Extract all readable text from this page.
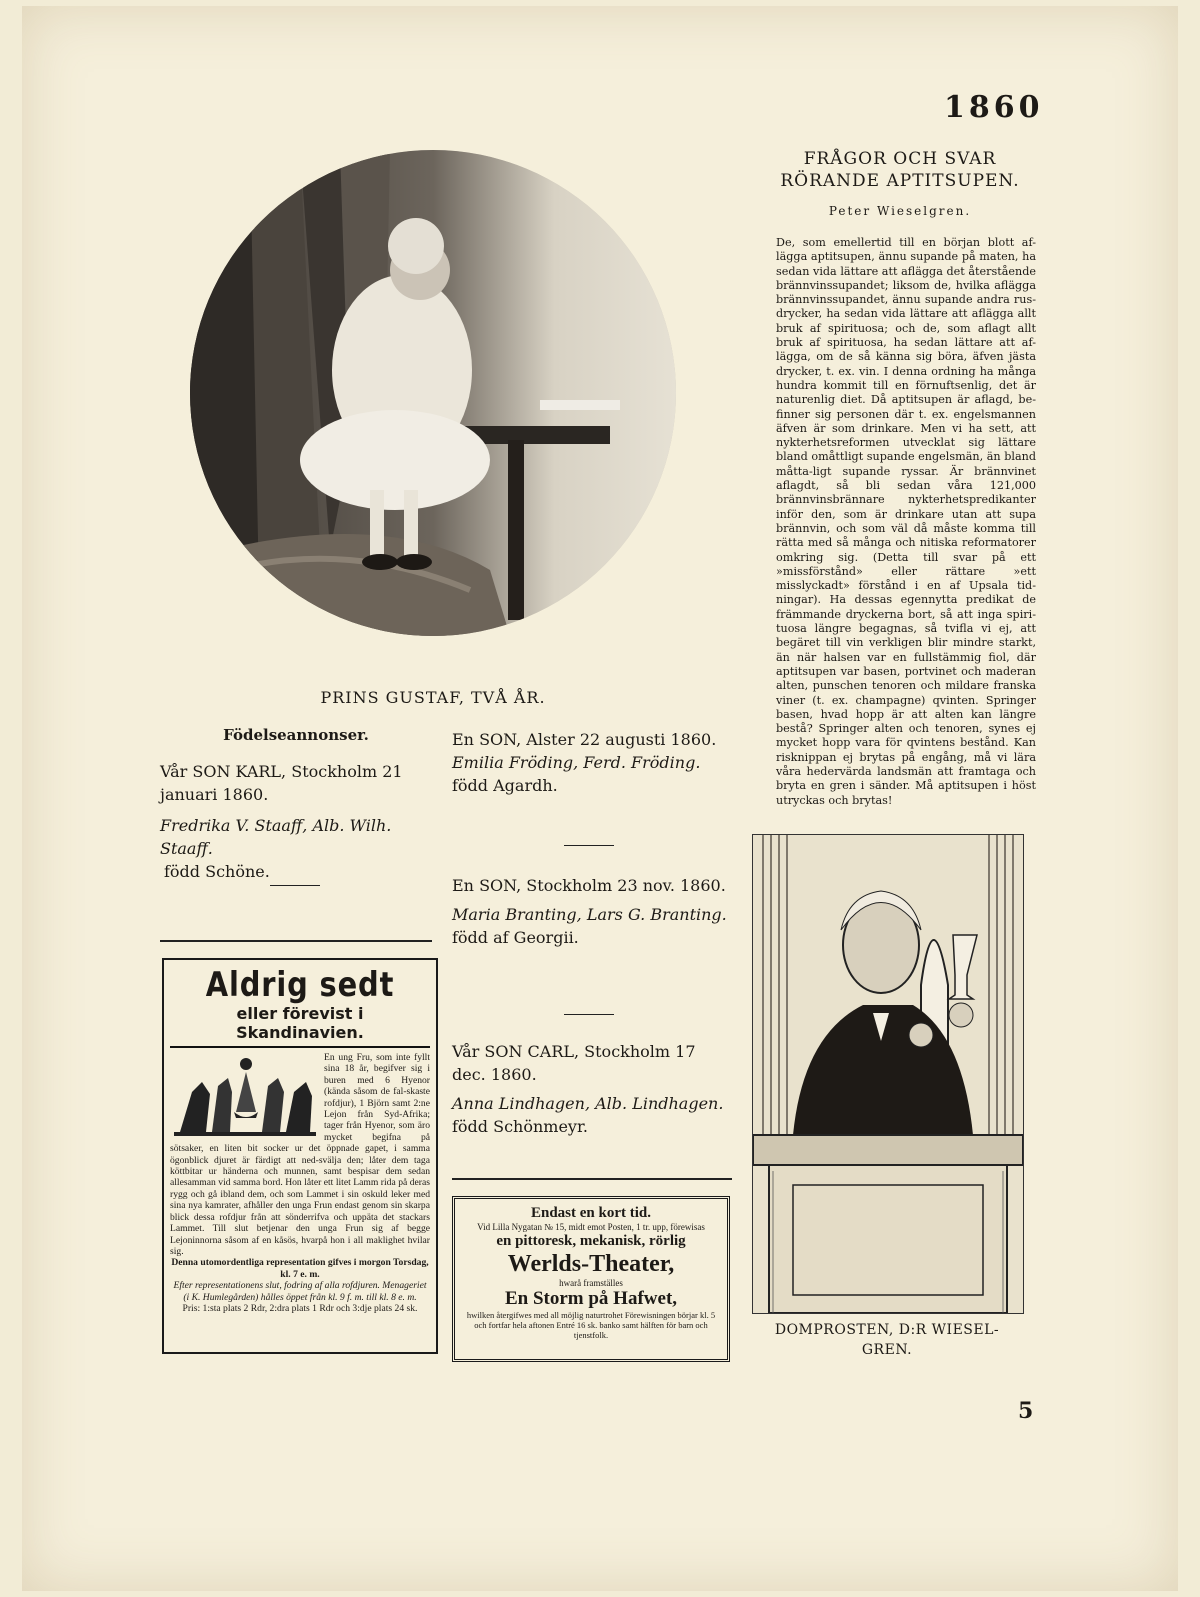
1860
FRÅGOR OCH SVAR
RÖRANDE APTITSUPEN.
Peter Wieselgren.

De, som emellertid till en början blott af-lägga aptitsupen, ännu supande på maten, ha sedan vida lättare att aflägga det återstående brännvinssupandet; liksom de, hvilka aflägga brännvinssupandet, ännu supande andra rus-drycker, ha sedan vida lättare att aflägga allt bruk af spirituosa; och de, som aflagt allt bruk af spirituosa, ha sedan lättare att af-lägga, om de så känna sig böra, äfven jästa drycker, t. ex. vin. I denna ordning ha många hundra kommit till en förnuftsenlig, det är naturenlig diet. Då aptitsupen är aflagd, be-finner sig personen där t. ex. engelsmannen äfven är som drinkare. Men vi ha sett, att nykterhetsreformen utvecklat sig lättare bland omåttligt supande engelsmän, än bland måtta-ligt supande ryssar. Är brännvinet aflagdt, så bli sedan våra 121,000 brännvinsbrännare nykterhetspredikanter inför den, som är drinkare utan att supa brännvin, och som väl då måste komma till rätta med så många och nitiska reformatorer omkring sig. (Detta till svar på ett »missförstånd» eller rättare »ett misslyckadt» förstånd i en af Upsala tid-ningar). Ha dessas egennytta predikat de främmande dryckerna bort, så att inga spiri-tuosa längre begagnas, så tvifla vi ej, att begäret till vin verkligen blir mindre starkt, än när halsen var en fullstämmig fiol, där aptitsupen var basen, portvinet och maderan alten, punschen tenoren och mildare franska viner (t. ex. champagne) qvinten. Springer basen, hvad hopp är att alten kan längre bestå? Springer alten och tenoren, synes ej mycket hopp vara för qvintens bestånd. Kan risknippan ej brytas på engång, må vi lära våra hedervärda landsmän att framtaga och bryta en gren i sänder. Må aptitsupen i höst utryckas och brytas!

PRINS GUSTAF, TVÅ ÅR.
Födelseannonser.
Vår SON KARL, Stockholm 21 januari 1860.
Fredrika V. Staaff, Alb. Wilh. Staaff.
född Schöne.
En SON, Alster 22 augusti 1860.
Emilia Fröding, Ferd. Fröding.
född Agardh.
En SON, Stockholm 23 nov. 1860.
Maria Branting, Lars G. Branting.
född af Georgii.
Vår SON CARL, Stockholm 17 dec. 1860.
Anna Lindhagen, Alb. Lindhagen.
född Schönmeyr.
Aldrig sedt
eller förevist i Skandinavien.
En ung Fru, som inte fyllt sina 18 år, begifver sig i buren med 6 Hyenor (kända såsom de fal-skaste rofdjur), 1 Björn samt 2:ne Lejon från Syd-Afrika; tager från Hyenor, som äro mycket begifna på sötsaker, en liten bit socker ur det öppnade gapet, i samma ögonblick djuret är färdigt att ned-svälja den; låter dem taga köttbitar ur händerna och munnen, samt bespisar dem sedan allesamman vid samma bord. Hon låter ett litet Lamm rida på deras rygg och gå ibland dem, och som Lammet i sin oskuld leker med sina nya kamrater, afhåller den unga Frun endast genom sin skarpa blick dessa rofdjur från att sönderrifva och uppäta det stackars Lammet. Till slut betjenar den unga Frun sig af begge Lejoninnorna såsom af en kåsös, hvarpå hon i all maklighet hvilar sig.
Denna utomordentliga representation gifves i morgon Torsdag, kl. 7 e. m.
Efter representationens slut, fodring af alla rofdjuren. Menageriet (i K. Humlegården) hålles öppet från kl. 9 f. m. till kl. 8 e. m.
Pris: 1:sta plats 2 Rdr, 2:dra plats 1 Rdr och 3:dje plats 24 sk.
Endast en kort tid.
Vid Lilla Nygatan № 15, midt emot Posten, 1 tr. upp, förewisas
en pittoresk, mekanisk, rörlig
Werlds-Theater,
hwarå framställes
En Storm på Hafwet,
hwilken återgifwes med all möjlig naturtrohet Förewisningen börjar kl. 5 och fortfar hela aftonen Entré 16 sk. banko samt hälften för barn och tjenstfolk.	DOMPROSTEN, D:R WIESEL-GREN.
5
